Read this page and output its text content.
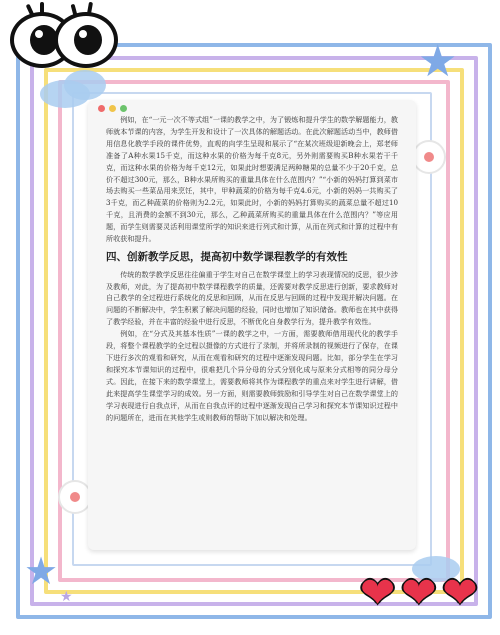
★
★
★

例如，在“一元一次不等式组”一课的教学之中，为了锻炼和提升学生的数学解题能力，教师就本节课的内容，为学生开发和设计了一次具体的解题活动。在此次解题活动当中，教师借用信息化教学手段的课件优势，直观的向学生呈现和展示了“在某次班级迎新晚会上，郑老师准备了A种水果15千克，而这种水果的价格为每千克8元，另外则需要购买B种水果若干千克，而这种水果的价格为每千克12元，如果此时想要满足两种糖果的总量不少于20千克，总价不超过300元，那么，B种水果所购买的重量具体在什么范围内？”“小新的妈妈打算到菜市场去购买一些菜品用来烹饪，其中，甲种蔬菜的价格为每千克4.6元，小新的妈妈一共购买了3千克，而乙种蔬菜的价格则为2.2元，如果此时，小新的妈妈打算购买的蔬菜总量不超过10千克，且消费的金额不到30元，那么，乙种蔬菜所购买的重量具体在什么范围内？”等应用题，而学生则需要灵活利用课堂所学的知识来进行列式和计算，从而在列式和计算的过程中有所收获和提升。

四、创新教学反思，提高初中数学课程教学的有效性

传统的数学教学反思往往偏重于学生对自己在数学课堂上的学习表现情况的反思，很少涉及教师，对此，为了提高初中数学课程教学的质量，还需要对教学反思进行创新，要求教师对自己教学的全过程进行系统化的反思和回顾，从而在反思与回顾的过程中发现并解决问题。在问题的不断解决中，学生积累了解决问题的经验，同时也增加了知识储备。教师也在其中获得了教学经验，并在丰富的经验中进行反思，不断优化自身教学行为，提升教学有效性。

例如，在“分式及其基本性质”一课的教学之中，一方面，需要教师借用现代化的教学手段，将整个课程教学的全过程以摄像的方式进行了录制，并将所录制的视频进行了保存，在课下进行多次的观看和研究，从而在观看和研究的过程中逐渐发现问题。比如，部分学生在学习和探究本节课知识的过程中，很难把几个异分母的分式分别化成与原来分式相等的同分母分式。因此，在接下来的数学课堂上，需要教师将其作为课程教学的重点来对学生进行讲解，借此来提高学生课堂学习的成效。另一方面，则需要教师鼓励和引导学生对自己在数学课堂上的学习表现进行自我点评，从而在自我点评的过程中逐渐发现自己学习和探究本节课知识过程中的问题所在，进而在其他学生或则教师的帮助下加以解决和处理。

❤ ❤ ❤
